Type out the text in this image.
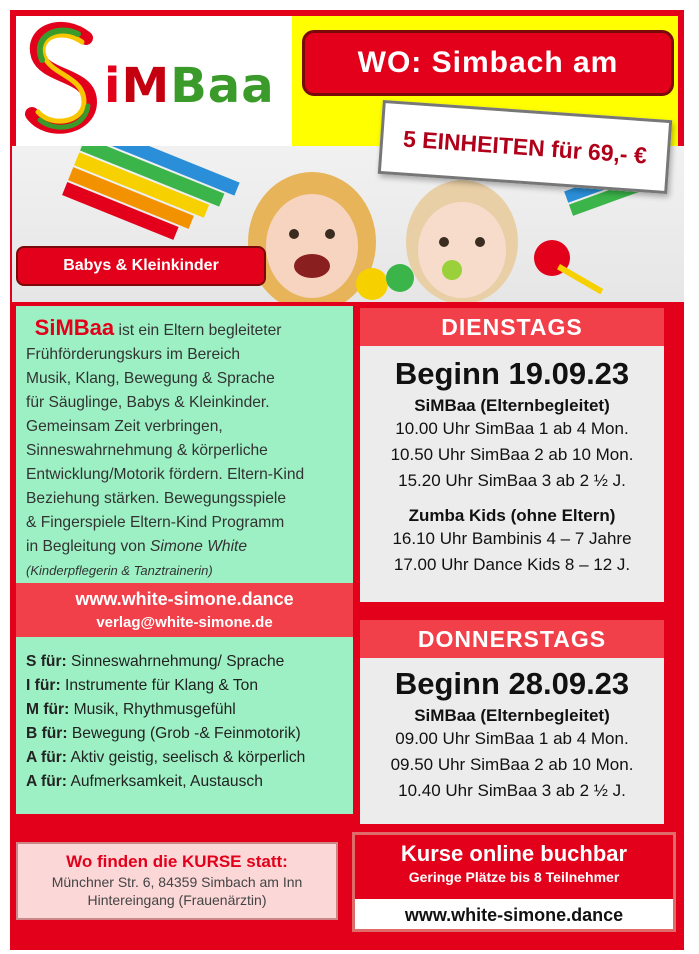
iMBaa	WO: Simbach am
5 EINHEITEN für 69,- €
Babys & Kleinkinder
SiMBaa ist ein Eltern begleiteter
Frühförderungskurs im Bereich
Musik, Klang, Bewegung & Sprache
für Säuglinge, Babys & Kleinkinder.
Gemeinsam Zeit verbringen,
Sinneswahrnehmung & körperliche
Entwicklung/Motorik fördern. Eltern-Kind
Beziehung stärken. Bewegungsspiele
& Fingerspiele Eltern-Kind Programm
in Begleitung von Simone White
(Kinderpflegerin & Tanztrainerin)
www.white-simone.dance
verlag@white-simone.de
S für: Sinneswahrnehmung/ Sprache
I für: Instrumente für Klang & Ton
M für: Musik, Rhythmusgefühl
B für: Bewegung (Grob -& Feinmotorik)
A für: Aktiv geistig, seelisch & körperlich
A für: Aufmerksamkeit, Austausch
DIENSTAGS
Beginn 19.09.23
SiMBaa (Elternbegleitet)
10.00 Uhr SimBaa 1 ab 4 Mon.
10.50 Uhr SimBaa 2 ab 10 Mon.
15.20 Uhr SimBaa 3 ab 2 ½ J.
Zumba Kids (ohne Eltern)
16.10 Uhr Bambinis 4 – 7 Jahre
17.00 Uhr Dance Kids 8 – 12 J.
DONNERSTAGS
Beginn 28.09.23
SiMBaa (Elternbegleitet)
09.00 Uhr SimBaa 1 ab 4 Mon.
09.50 Uhr SimBaa 2 ab 10 Mon.
10.40 Uhr SimBaa 3 ab 2 ½ J.
Wo finden die KURSE statt:
Münchner Str. 6, 84359 Simbach am Inn
Hintereingang (Frauenärztin)
Kurse online buchbar
Geringe Plätze bis 8 Teilnehmer
www.white-simone.dance
